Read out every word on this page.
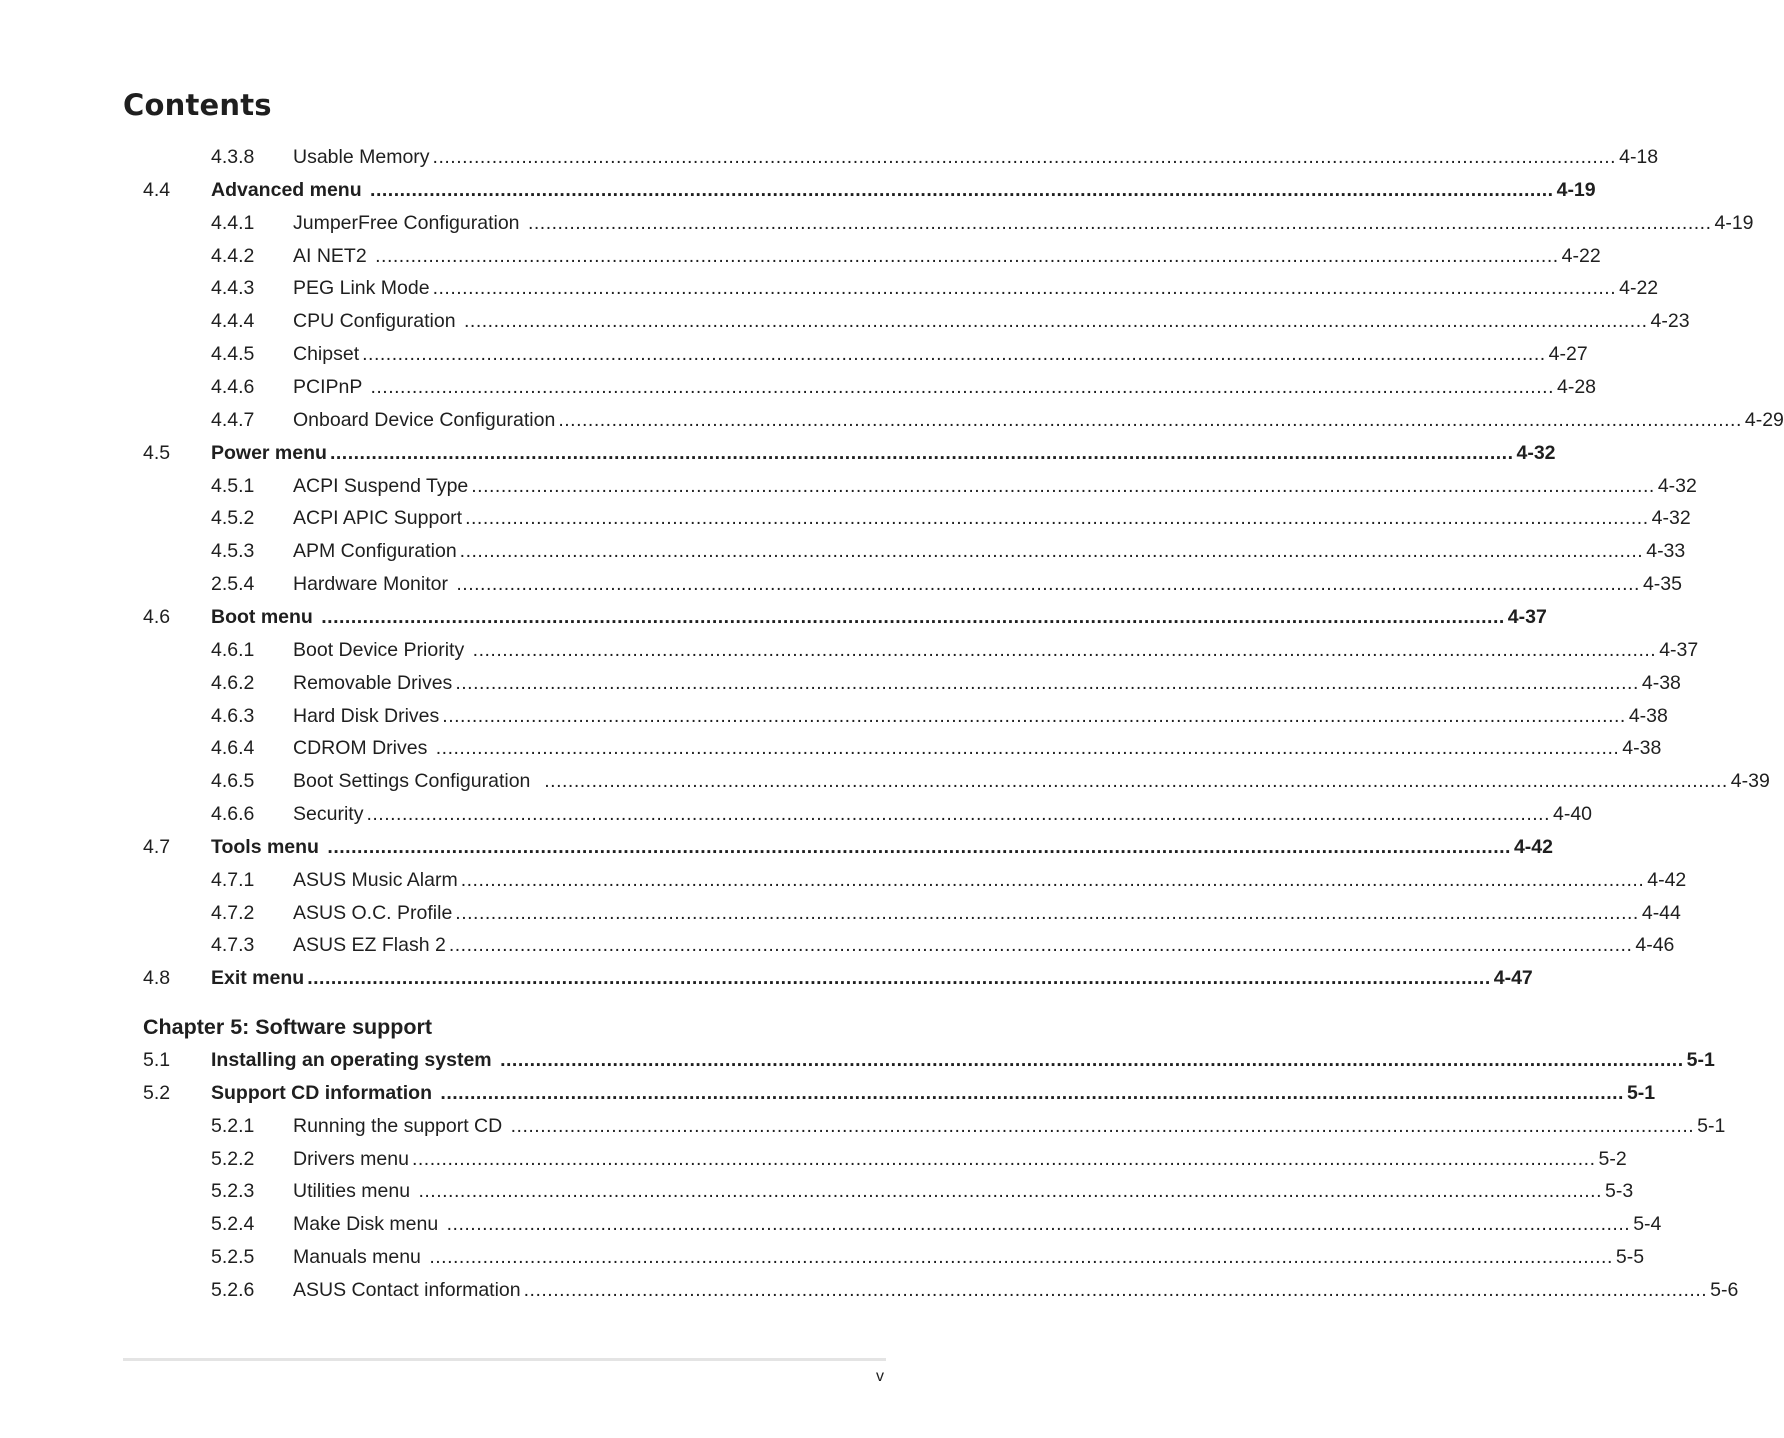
Contents
4.3.8 Usable Memory ........................................................................................................................................................................................................ 4-18
4.4 Advanced menu ........................................................................................................................................................................................................ 4-19
4.4.1 JumperFree Configuration ........................................................................................................................................................................................................ 4-19
4.4.2 AI NET2 ........................................................................................................................................................................................................ 4-22
4.4.3 PEG Link Mode ........................................................................................................................................................................................................ 4-22
4.4.4 CPU Configuration ........................................................................................................................................................................................................ 4-23
4.4.5 Chipset ........................................................................................................................................................................................................ 4-27
4.4.6 PCIPnP ........................................................................................................................................................................................................ 4-28
4.4.7 Onboard Device Configuration ........................................................................................................................................................................................................ 4-29
4.5 Power menu ........................................................................................................................................................................................................ 4-32
4.5.1 ACPI Suspend Type ........................................................................................................................................................................................................ 4-32
4.5.2 ACPI APIC Support ........................................................................................................................................................................................................ 4-32
4.5.3 APM Configuration ........................................................................................................................................................................................................ 4-33
2.5.4 Hardware Monitor ........................................................................................................................................................................................................ 4-35
4.6 Boot menu ........................................................................................................................................................................................................ 4-37
4.6.1 Boot Device Priority ........................................................................................................................................................................................................ 4-37
4.6.2 Removable Drives ........................................................................................................................................................................................................ 4-38
4.6.3 Hard Disk Drives ........................................................................................................................................................................................................ 4-38
4.6.4 CDROM Drives ........................................................................................................................................................................................................ 4-38
4.6.5 Boot Settings Configuration ........................................................................................................................................................................................................ 4-39
4.6.6 Security ........................................................................................................................................................................................................ 4-40
4.7 Tools menu ........................................................................................................................................................................................................ 4-42
4.7.1 ASUS Music Alarm ........................................................................................................................................................................................................ 4-42
4.7.2 ASUS O.C. Profile ........................................................................................................................................................................................................ 4-44
4.7.3 ASUS EZ Flash 2 ........................................................................................................................................................................................................ 4-46
4.8 Exit menu ........................................................................................................................................................................................................ 4-47
Chapter 5: Software support
5.1 Installing an operating system ........................................................................................................................................................................................................ 5-1
5.2 Support CD information ........................................................................................................................................................................................................ 5-1
5.2.1 Running the support CD ........................................................................................................................................................................................................ 5-1
5.2.2 Drivers menu ........................................................................................................................................................................................................ 5-2
5.2.3 Utilities menu ........................................................................................................................................................................................................ 5-3
5.2.4 Make Disk menu ........................................................................................................................................................................................................ 5-4
5.2.5 Manuals menu ........................................................................................................................................................................................................ 5-5
5.2.6 ASUS Contact information ........................................................................................................................................................................................................ 5-6
v
